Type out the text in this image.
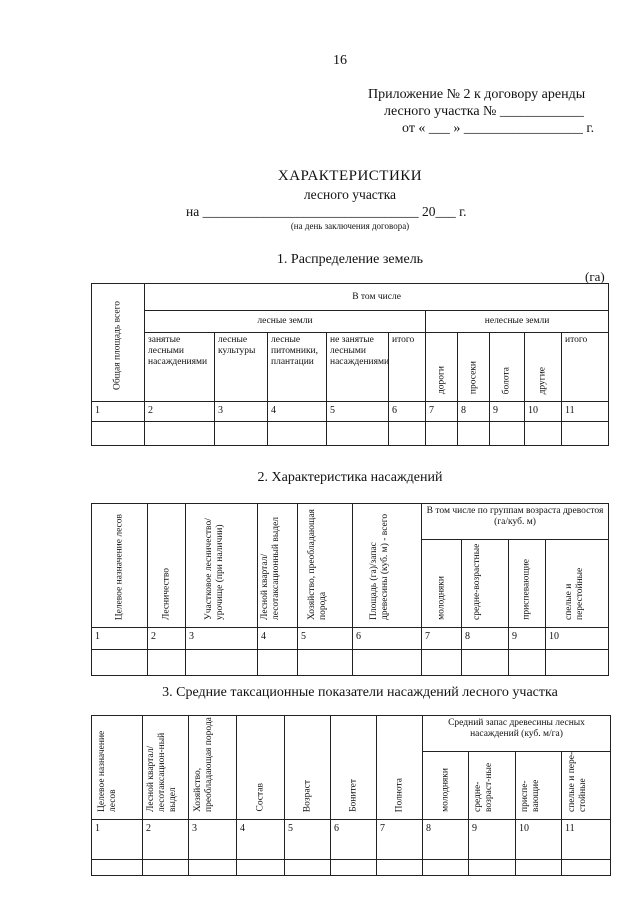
16
Приложение № 2 к договору аренды
лесного участка № ____________
от « ___ » _________________ г.
ХАРАКТЕРИСТИКИ
лесного участка
на ________________________________ 20___ г.
(на день заключения договора)
1. Распределение земель
(га)
Общая площадь всего	В том числе									
	лесные земли					нелесные земли				
	занятые лесными насаждениями	лесные культуры	лесные питомники, плантации	не занятые лесными насаждениями	итого	дороги	просеки	болота	другие	итого
1	2	3	4	5	6	7	8	9	10	11

2. Характеристика насаждений
Целевое назначение лесов	Лесничество	Участковое лесничество/урочище (при наличии)	Лесной квартал/ лесотаксационный выдел	Хозяйство, преобладающая порода	Площадь (га)/запас древесины (куб. м) - всего	В том числе по группам возраста древостоя (га/куб. м)			

						молодняки	средне-возрастные	приспевающие	спелые и перестойные

1	2	3	4	5	6	7	8	9	10

3. Средние таксационные показатели насаждений лесного участка
Целевое назначение лесов	Лесной квартал/ лесотаксацион-ный выдел	Хозяйство, преобладающая порода	Состав	Возраст	Бонитет	Полнота	Средний запас древесины лесных насаждений (куб. м/га)			

							молодняки	средне-возраст-ные	приспе-вающие	спелые и пере-стойные

1	2	3	4	5	6	7	8	9	10	11
